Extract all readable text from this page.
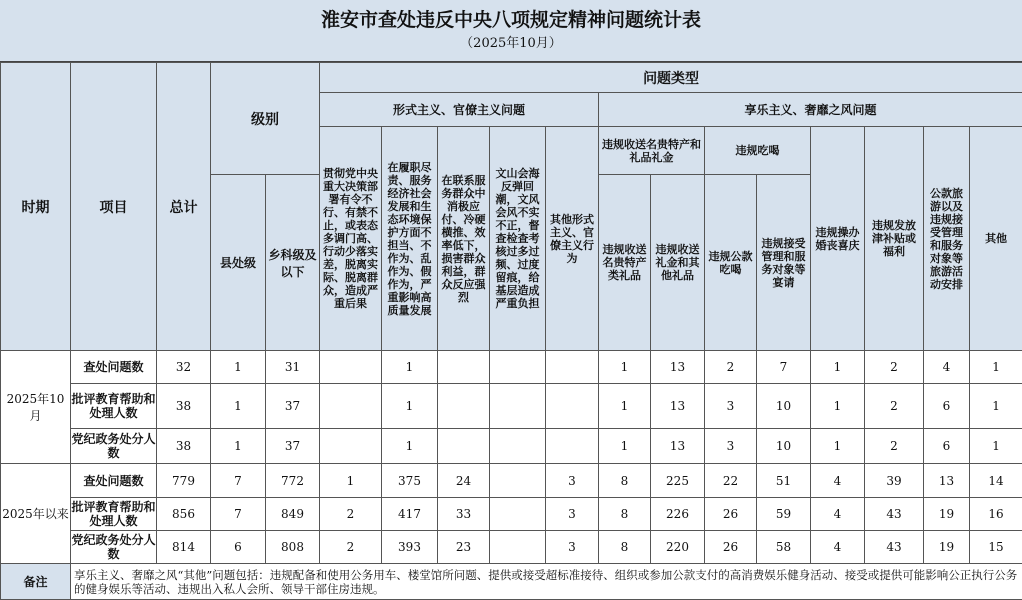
淮安市查处违反中央八项规定精神问题统计表
（2025年10月）
时期	项目	总计	级别		问题类型												
					形式主义、官僚主义问题					享乐主义、奢靡之风问题							
					贯彻党中央重大决策部署有令不行、有禁不止，或表态多调门高、行动少落实差，脱离实际、脱离群众，造成严重后果	在履职尽责、服务经济社会发展和生态环境保护方面不担当、不作为、乱作为、假作为，严重影响高质量发展	在联系服务群众中消极应付、冷硬横推、效率低下，损害群众利益，群众反应强烈	文山会海反弹回潮，文风会风不实不正，督查检查考核过多过频、过度留痕，给基层造成严重负担	其他形式主义、官僚主义行为	违规收送名贵特产和礼品礼金		违规吃喝		违规操办婚丧喜庆	违规发放津补贴或福利	公款旅游以及违规接受管理和服务对象等旅游活动安排	其他
			县处级	乡科级及以下						违规收送名贵特产类礼品	违规收送礼金和其他礼品	违规公款吃喝	违规接受管理和服务对象等宴请				

2025年10月	查处问题数	32	1	31		1				1	13	2	7	1	2	4	1
	批评教育帮助和处理人数	38	1	37		1				1	13	3	10	1	2	6	1
	党纪政务处分人数	38	1	37		1				1	13	3	10	1	2	6	1
2025年以来	查处问题数	779	7	772	1	375	24		3	8	225	22	51	4	39	13	14
	批评教育帮助和处理人数	856	7	849	2	417	33		3	8	226	26	59	4	43	19	16
	党纪政务处分人数	814	6	808	2	393	23		3	8	220	26	58	4	43	19	15
备注	享乐主义、奢靡之风“其他”问题包括：违规配备和使用公务用车、楼堂馆所问题、提供或接受超标准接待、组织或参加公款支付的高消费娱乐健身活动、接受或提供可能影响公正执行公务的健身娱乐等活动、违规出入私人会所、领导干部住房违规。																
